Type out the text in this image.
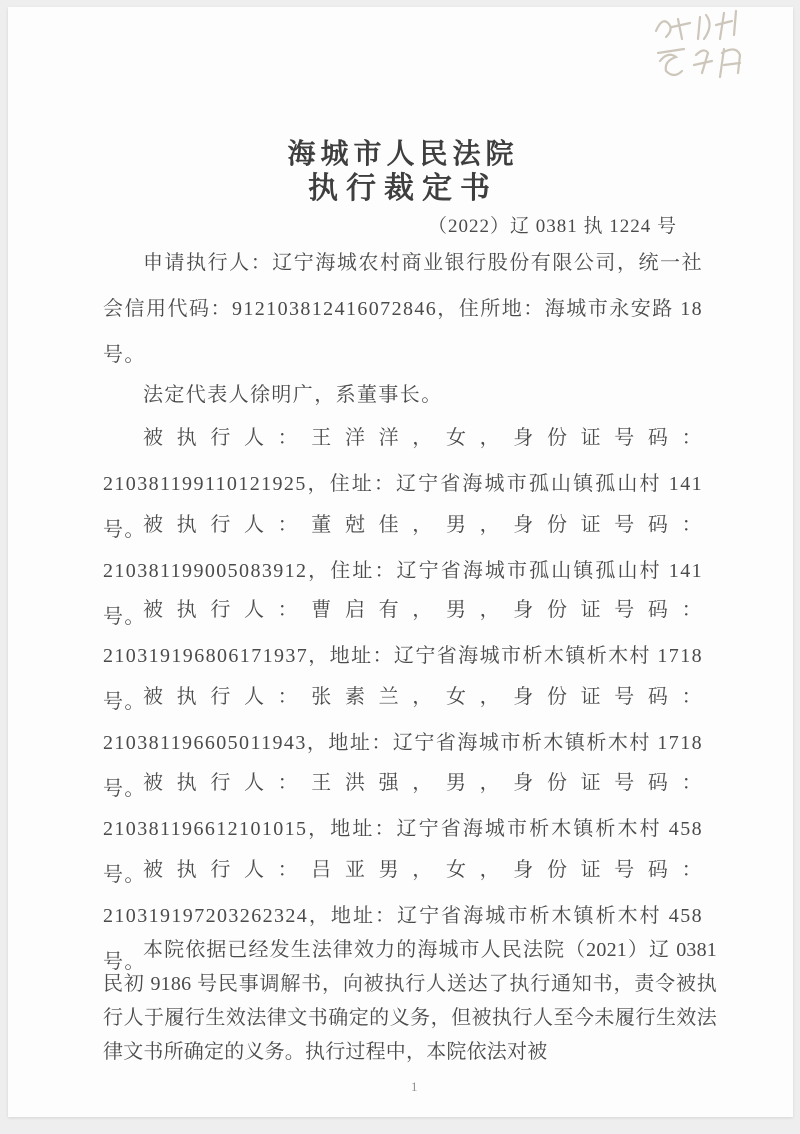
海城市人民法院
执行裁定书
（2022）辽 0381 执 1224 号

申请执行人：辽宁海城农村商业银行股份有限公司，统一社会信用代码：912103812416072846，住所地：海城市永安路 18 号。

法定代表人徐明广，系董事长。

被执行人：王洋洋，女，身份证号码：210381199110121925，住址：辽宁省海城市孤山镇孤山村 141 号。

被执行人：董尅佳，男，身份证号码：210381199005083912，住址：辽宁省海城市孤山镇孤山村 141 号。

被执行人：曹启有，男，身份证号码：210319196806171937，地址：辽宁省海城市析木镇析木村 1718 号。

被执行人：张素兰，女，身份证号码：210381196605011943，地址：辽宁省海城市析木镇析木村 1718 号。

被执行人：王洪强，男，身份证号码：210381196612101015，地址：辽宁省海城市析木镇析木村 458 号。

被执行人：吕亚男，女，身份证号码：210319197203262324，地址：辽宁省海城市析木镇析木村 458 号。

本院依据已经发生法律效力的海城市人民法院（2021）辽 0381 民初 9186 号民事调解书，向被执行人送达了执行通知书，责令被执行人于履行生效法律文书确定的义务，但被执行人至今未履行生效法律文书所确定的义务。执行过程中，本院依法对被

1
